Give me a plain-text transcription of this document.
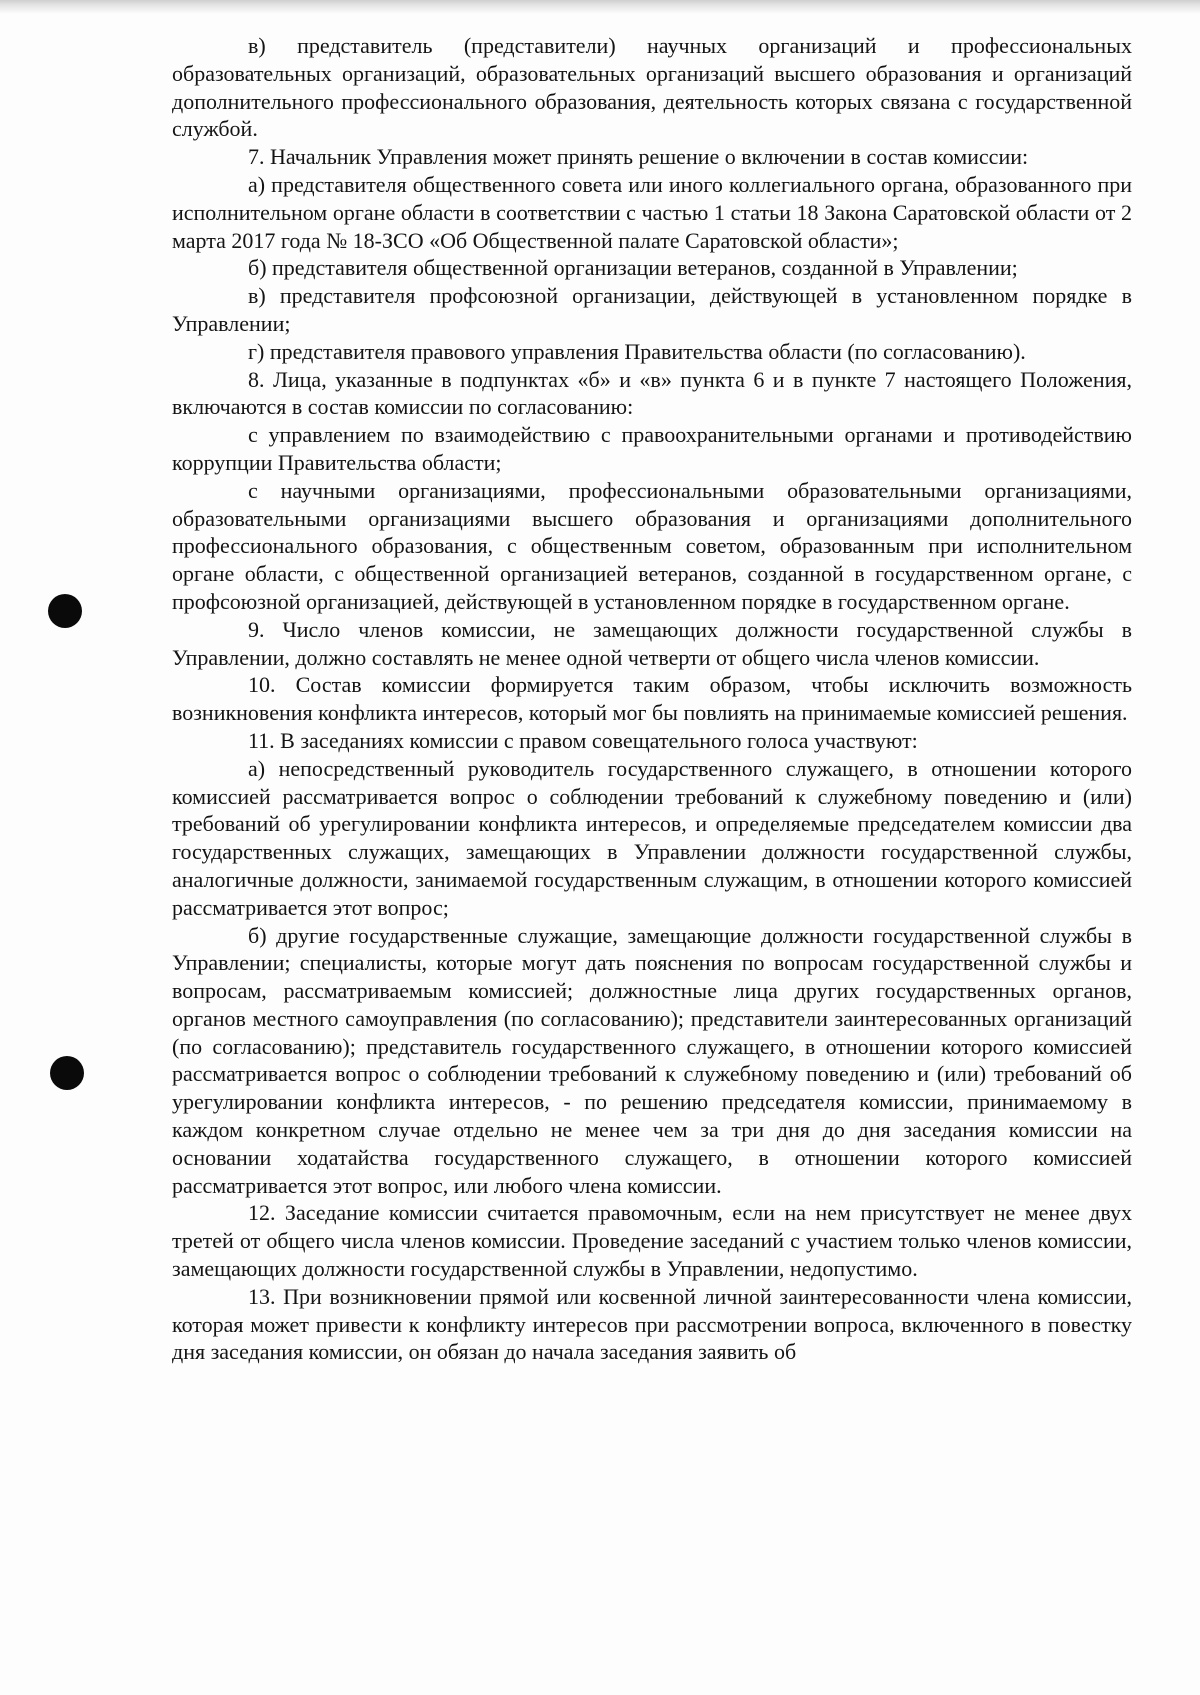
в) представитель (представители) научных организаций и профессиональных образовательных организаций, образовательных организаций высшего образования и организаций дополнительного профессионального образования, деятельность которых связана с государственной службой.

7. Начальник Управления может принять решение о включении в состав комиссии:

а) представителя общественного совета или иного коллегиального органа, образованного при исполнительном органе области в соответствии с частью 1 статьи 18 Закона Саратовской области от 2 марта 2017 года № 18-ЗСО «Об Общественной палате Саратовской области»;

б) представителя общественной организации ветеранов, созданной в Управлении;

в) представителя профсоюзной организации, действующей в установленном порядке в Управлении;

г) представителя правового управления Правительства области (по согласованию).

8. Лица, указанные в подпунктах «б» и «в» пункта 6 и в пункте 7 настоящего Положения, включаются в состав комиссии по согласованию:

с управлением по взаимодействию с правоохранительными органами и противодействию коррупции Правительства области;

с научными организациями, профессиональными образовательными организациями, образовательными организациями высшего образования и организациями дополнительного профессионального образования, с общественным советом, образованным при исполнительном органе области, с общественной организацией ветеранов, созданной в государственном органе, с профсоюзной организацией, действующей в установленном порядке в государственном органе.

9. Число членов комиссии, не замещающих должности государственной службы в Управлении, должно составлять не менее одной четверти от общего числа членов комиссии.

10. Состав комиссии формируется таким образом, чтобы исключить возможность возникновения конфликта интересов, который мог бы повлиять на принимаемые комиссией решения.

11. В заседаниях комиссии с правом совещательного голоса участвуют:

а) непосредственный руководитель государственного служащего, в отношении которого комиссией рассматривается вопрос о соблюдении требований к служебному поведению и (или) требований об урегулировании конфликта интересов, и определяемые председателем комиссии два государственных служащих, замещающих в Управлении должности государственной службы, аналогичные должности, занимаемой государственным служащим, в отношении которого комиссией рассматривается этот вопрос;

б) другие государственные служащие, замещающие должности государственной службы в Управлении; специалисты, которые могут дать пояснения по вопросам государственной службы и вопросам, рассматриваемым комиссией; должностные лица других государственных органов, органов местного самоуправления (по согласованию); представители заинтересованных организаций (по согласованию); представитель государственного служащего, в отношении которого комиссией рассматривается вопрос о соблюдении требований к служебному поведению и (или) требований об урегулировании конфликта интересов, - по решению председателя комиссии, принимаемому в каждом конкретном случае отдельно не менее чем за три дня до дня заседания комиссии на основании ходатайства государственного служащего, в отношении которого комиссией рассматривается этот вопрос, или любого члена комиссии.

12. Заседание комиссии считается правомочным, если на нем присутствует не менее двух третей от общего числа членов комиссии. Проведение заседаний с участием только членов комиссии, замещающих должности государственной службы в Управлении, недопустимо.

13. При возникновении прямой или косвенной личной заинтересованности члена комиссии, которая может привести к конфликту интересов при рассмотрении вопроса, включенного в повестку дня заседания комиссии, он обязан до начала заседания заявить об
